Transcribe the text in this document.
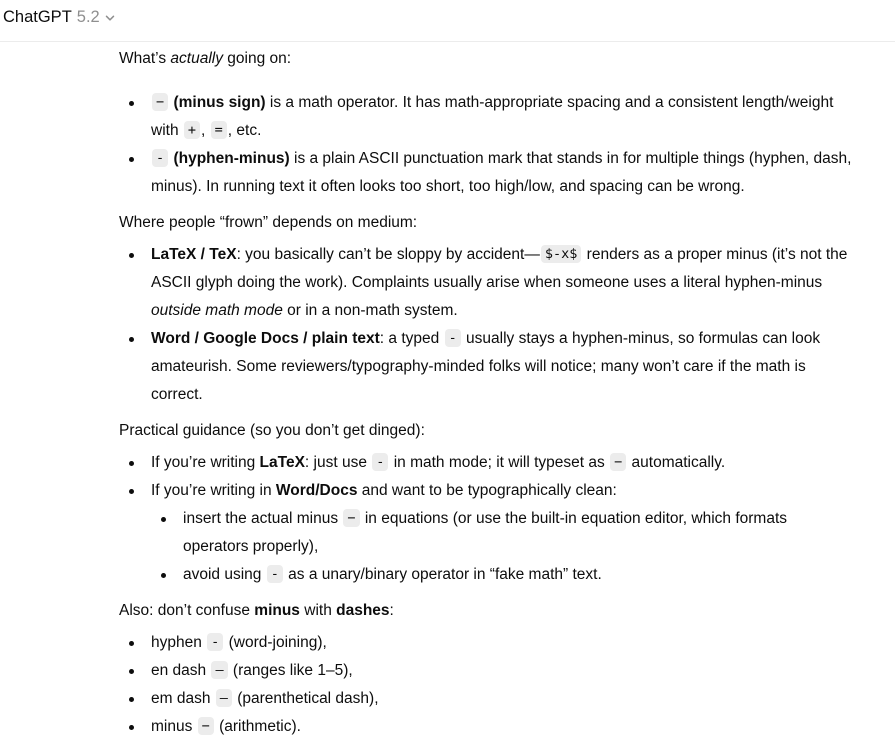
ChatGPT 5.2
What’s actually going on:
− (minus sign) is a math operator. It has math-appropriate spacing and a consistent length/weight
with + , = , etc.
- (hyphen-minus) is a plain ASCII punctuation mark that stands in for multiple things (hyphen, dash,
minus). In running text it often looks too short, too high/low, and spacing can be wrong.
Where people “frown” depends on medium:
LaTeX / TeX: you basically can’t be sloppy by accident— $-x$ renders as a proper minus (it’s not the
ASCII glyph doing the work). Complaints usually arise when someone uses a literal hyphen-minus
outside math mode or in a non-math system.
Word / Google Docs / plain text: a typed - usually stays a hyphen-minus, so formulas can look
amateurish. Some reviewers/typography-minded folks will notice; many won’t care if the math is
correct.
Practical guidance (so you don’t get dinged):
If you’re writing LaTeX: just use - in math mode; it will typeset as − automatically.
If you’re writing in Word/Docs and want to be typographically clean:
insert the actual minus − in equations (or use the built-in equation editor, which formats
operators properly),
avoid using - as a unary/binary operator in “fake math” text.
Also: don’t confuse minus with dashes:
hyphen - (word-joining),
en dash – (ranges like 1–5),
em dash — (parenthetical dash),
minus − (arithmetic).
